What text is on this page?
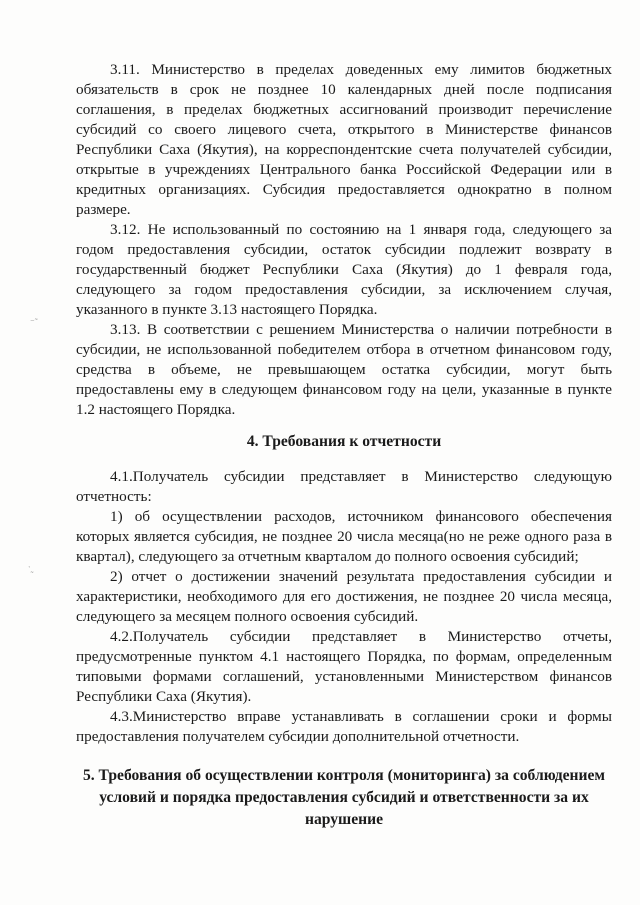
3.11. Министерство в пределах доведенных ему лимитов бюджетных обязательств в срок не позднее 10 календарных дней после подписания соглашения, в пределах бюджетных ассигнований производит перечисление субсидий со своего лицевого счета, открытого в Министерстве финансов Республики Саха (Якутия), на корреспондентские счета получателей субсидии, открытые в учреждениях Центрального банка Российской Федерации или в кредитных организациях. Субсидия предоставляется однократно в полном размере.

3.12. Не использованный по состоянию на 1 января года, следующего за годом предоставления субсидии, остаток субсидии подлежит возврату в государственный бюджет Республики Саха (Якутия) до 1 февраля года, следующего за годом предоставления субсидии, за исключением случая, указанного в пункте 3.13 настоящего Порядка.

3.13. В соответствии с решением Министерства о наличии потребности в субсидии, не использованной победителем отбора в отчетном финансовом году, средства в объеме, не превышающем остатка субсидии, могут быть предоставлены ему в следующем финансовом году на цели, указанные в пункте 1.2 настоящего Порядка.

4. Требования к отчетности

4.1.Получатель субсидии представляет в Министерство следующую отчетность:

1) об осуществлении расходов, источником финансового обеспечения которых является субсидия, не позднее 20 числа месяца(но не реже одного раза в квартал), следующего за отчетным кварталом до полного освоения субсидий;

2) отчет о достижении значений результата предоставления субсидии и характеристики, необходимого для его достижения, не позднее 20 числа месяца, следующего за месяцем полного освоения субсидий.

4.2.Получатель субсидии представляет в Министерство отчеты, предусмотренные пунктом 4.1 настоящего Порядка, по формам, определенным типовыми формами соглашений, установленными Министерством финансов Республики Саха (Якутия).

4.3.Министерство вправе устанавливать в соглашении сроки и формы предоставления получателем субсидии дополнительной отчетности.

5. Требования об осуществлении контроля (мониторинга) за соблюдением условий и порядка предоставления субсидий и ответственности за их нарушение
⁻˜
ˑ˷
